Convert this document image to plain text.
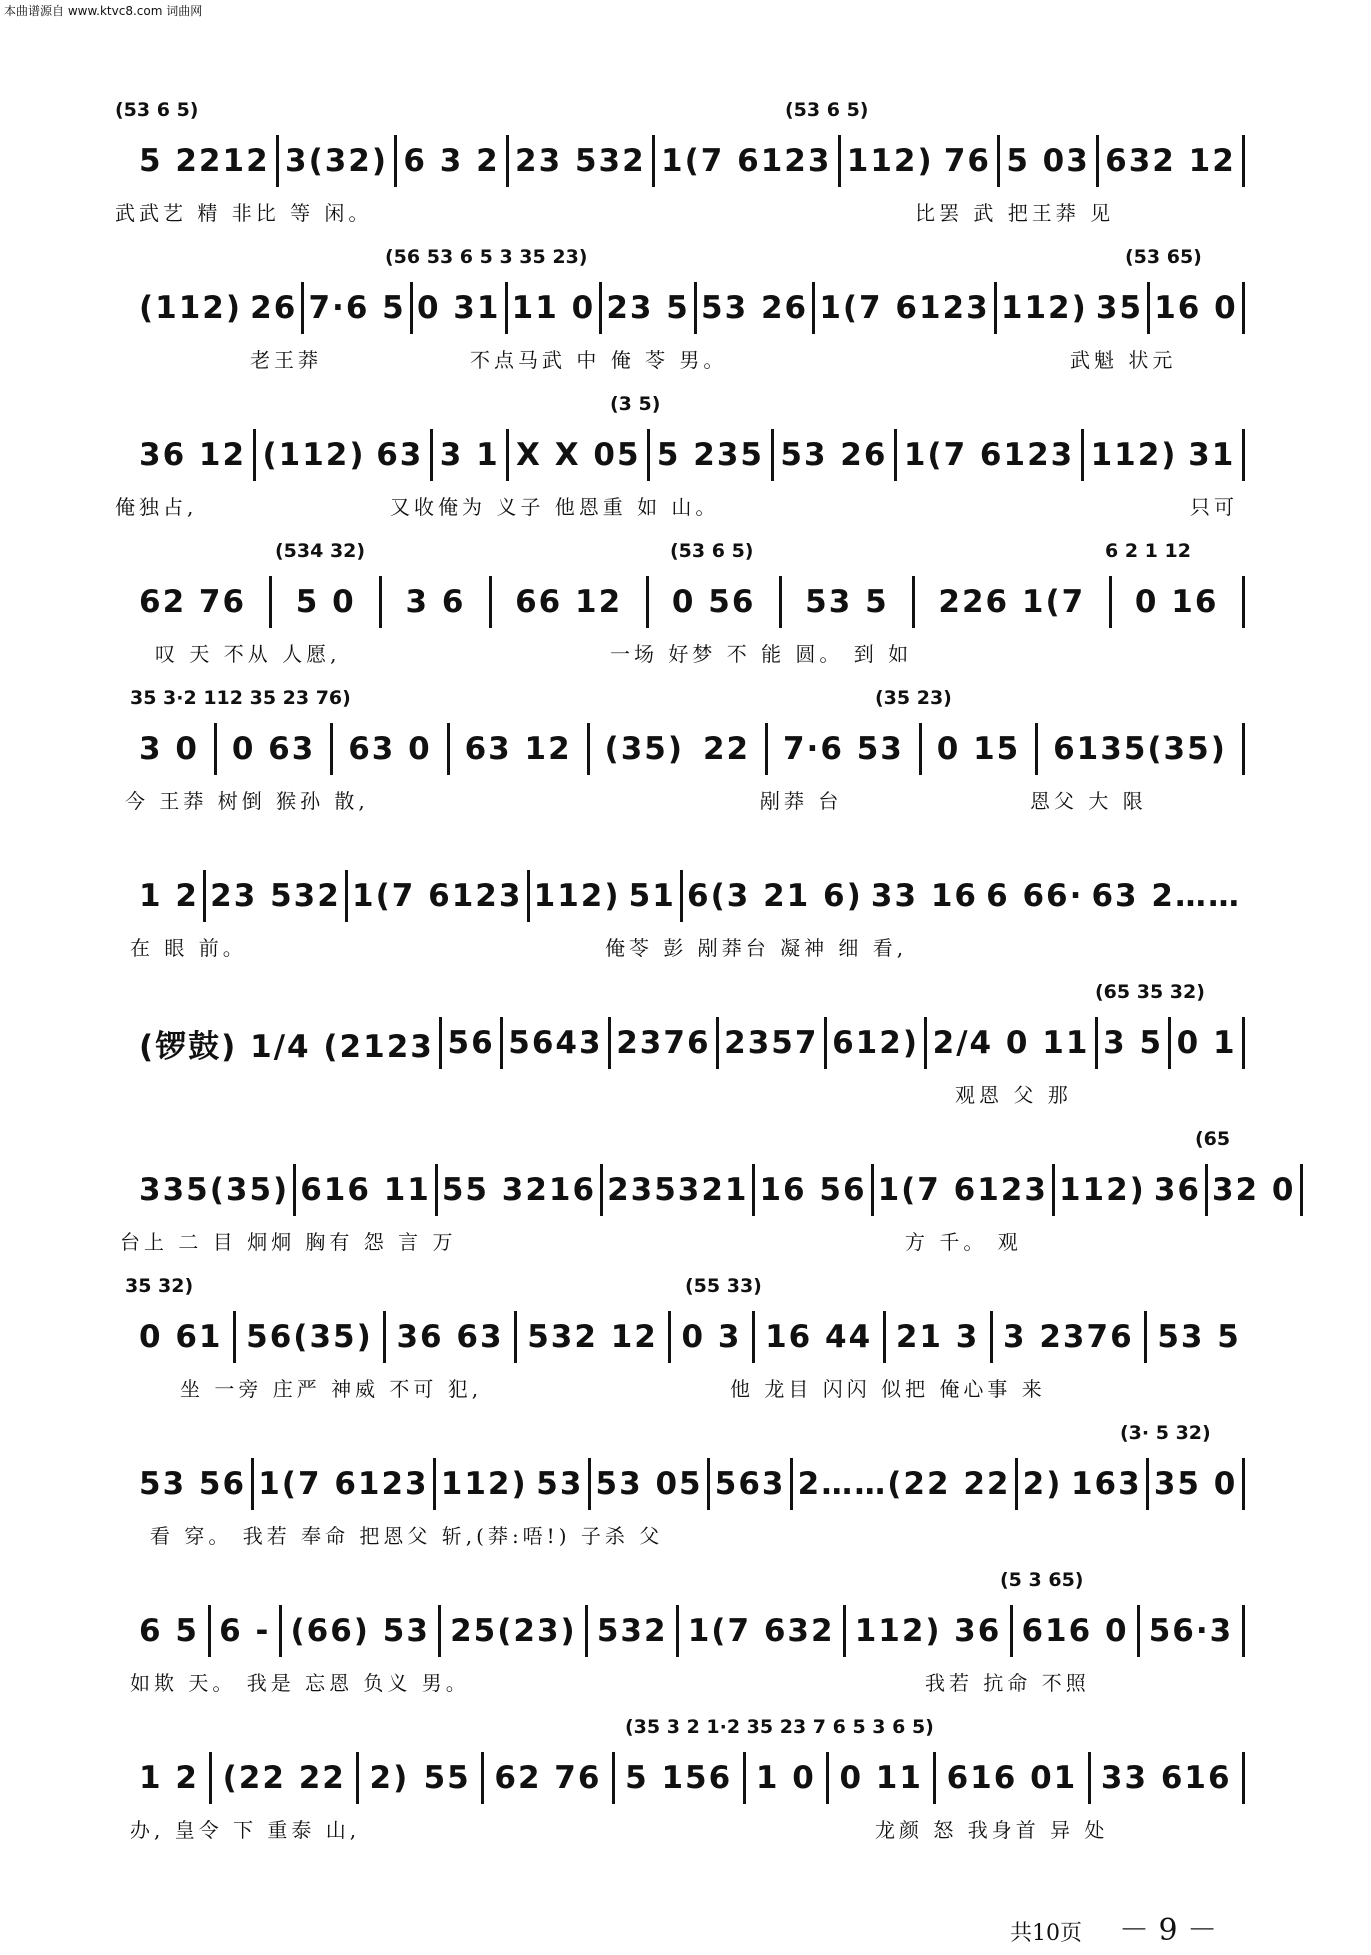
本曲谱源自 www.ktvc8.com 词曲网
(53 6 5)	(53 6 5)
5 2212 3(32) 6 3 2 23 532 1(7 6123 112) 76 5 03 632 12
武武艺 精 非比 等 闲。	比罢 武 把王莽 见
(56 53 6 5 3 35 23)	(53 65)
(112) 26 7·6 5 0 31 11 0 23 5 53 26 1(7 6123 112) 35 16 0
老王莽	不点马武 中 俺 苓 男。	武魁 状元
(3 5)
36 12 (112) 63 3 1 X X 05 5 235 53 26 1(7 6123 112) 31
俺独占,	又收俺为 义子 他恩重 如 山。	只可
(534 32)	(53 6 5)	6 2 1 12
62 76 5 0 3 6 66 12 0 56 53 5 226 1(7 0 16
叹 天 不从 人愿,	一场 好梦 不 能 圆。 到 如
35 3·2 112 35 23 76)	(35 23)
3 0 0 63 63 0 63 12 (35) 22 7·6 53 0 15 6135(35)
今 王莽 树倒 猴孙 散,	剐莽 台	恩父 大 限
1 2 23 532 1(7 6123 112) 51 6(3 21 6) 33 16 6 66· 63 2……
在 眼 前。	俺苓 彭 剐莽台 凝神 细 看,
(65 35 32)
(锣鼓) 1/4 (2123 56 5643 2376 2357 612) 2/4 0 11 3 5 0 1
观恩 父 那
(65
335(35) 616 11 55 3216 235321 16 56 1(7 6123 112) 36 32 0
台上 二 目 炯炯 胸有 怨 言 万	方 千。 观
35 32)	(55 33)
0 61 56(35) 36 63 532 12 0 3 16 44 21 3 3 2376 53 5
坐 一旁 庄严 神威 不可 犯,	他 龙目 闪闪 似把 俺心事 来
(3· 5 32)
53 56 1(7 6123 112) 53 53 05 563 2……(22 22 2) 163 35 0
看 穿。 我若 奉命 把恩父 斩,(莽:唔!) 子杀 父
(5 3 65)
6 5 6 - (66) 53 25(23) 532 1(7 632 112) 36 616 0 56·3
如欺 天。 我是 忘恩 负义 男。	我若 抗命 不照
(35 3 2 1·2 35 23 7 6 5 3 6 5)
1 2 (22 22 2) 55 62 76 5 156 1 0 0 11 616 01 33 616
办, 皇令 下 重泰 山,	龙颜 怒 我身首 异 处
共10页 － 9 －
